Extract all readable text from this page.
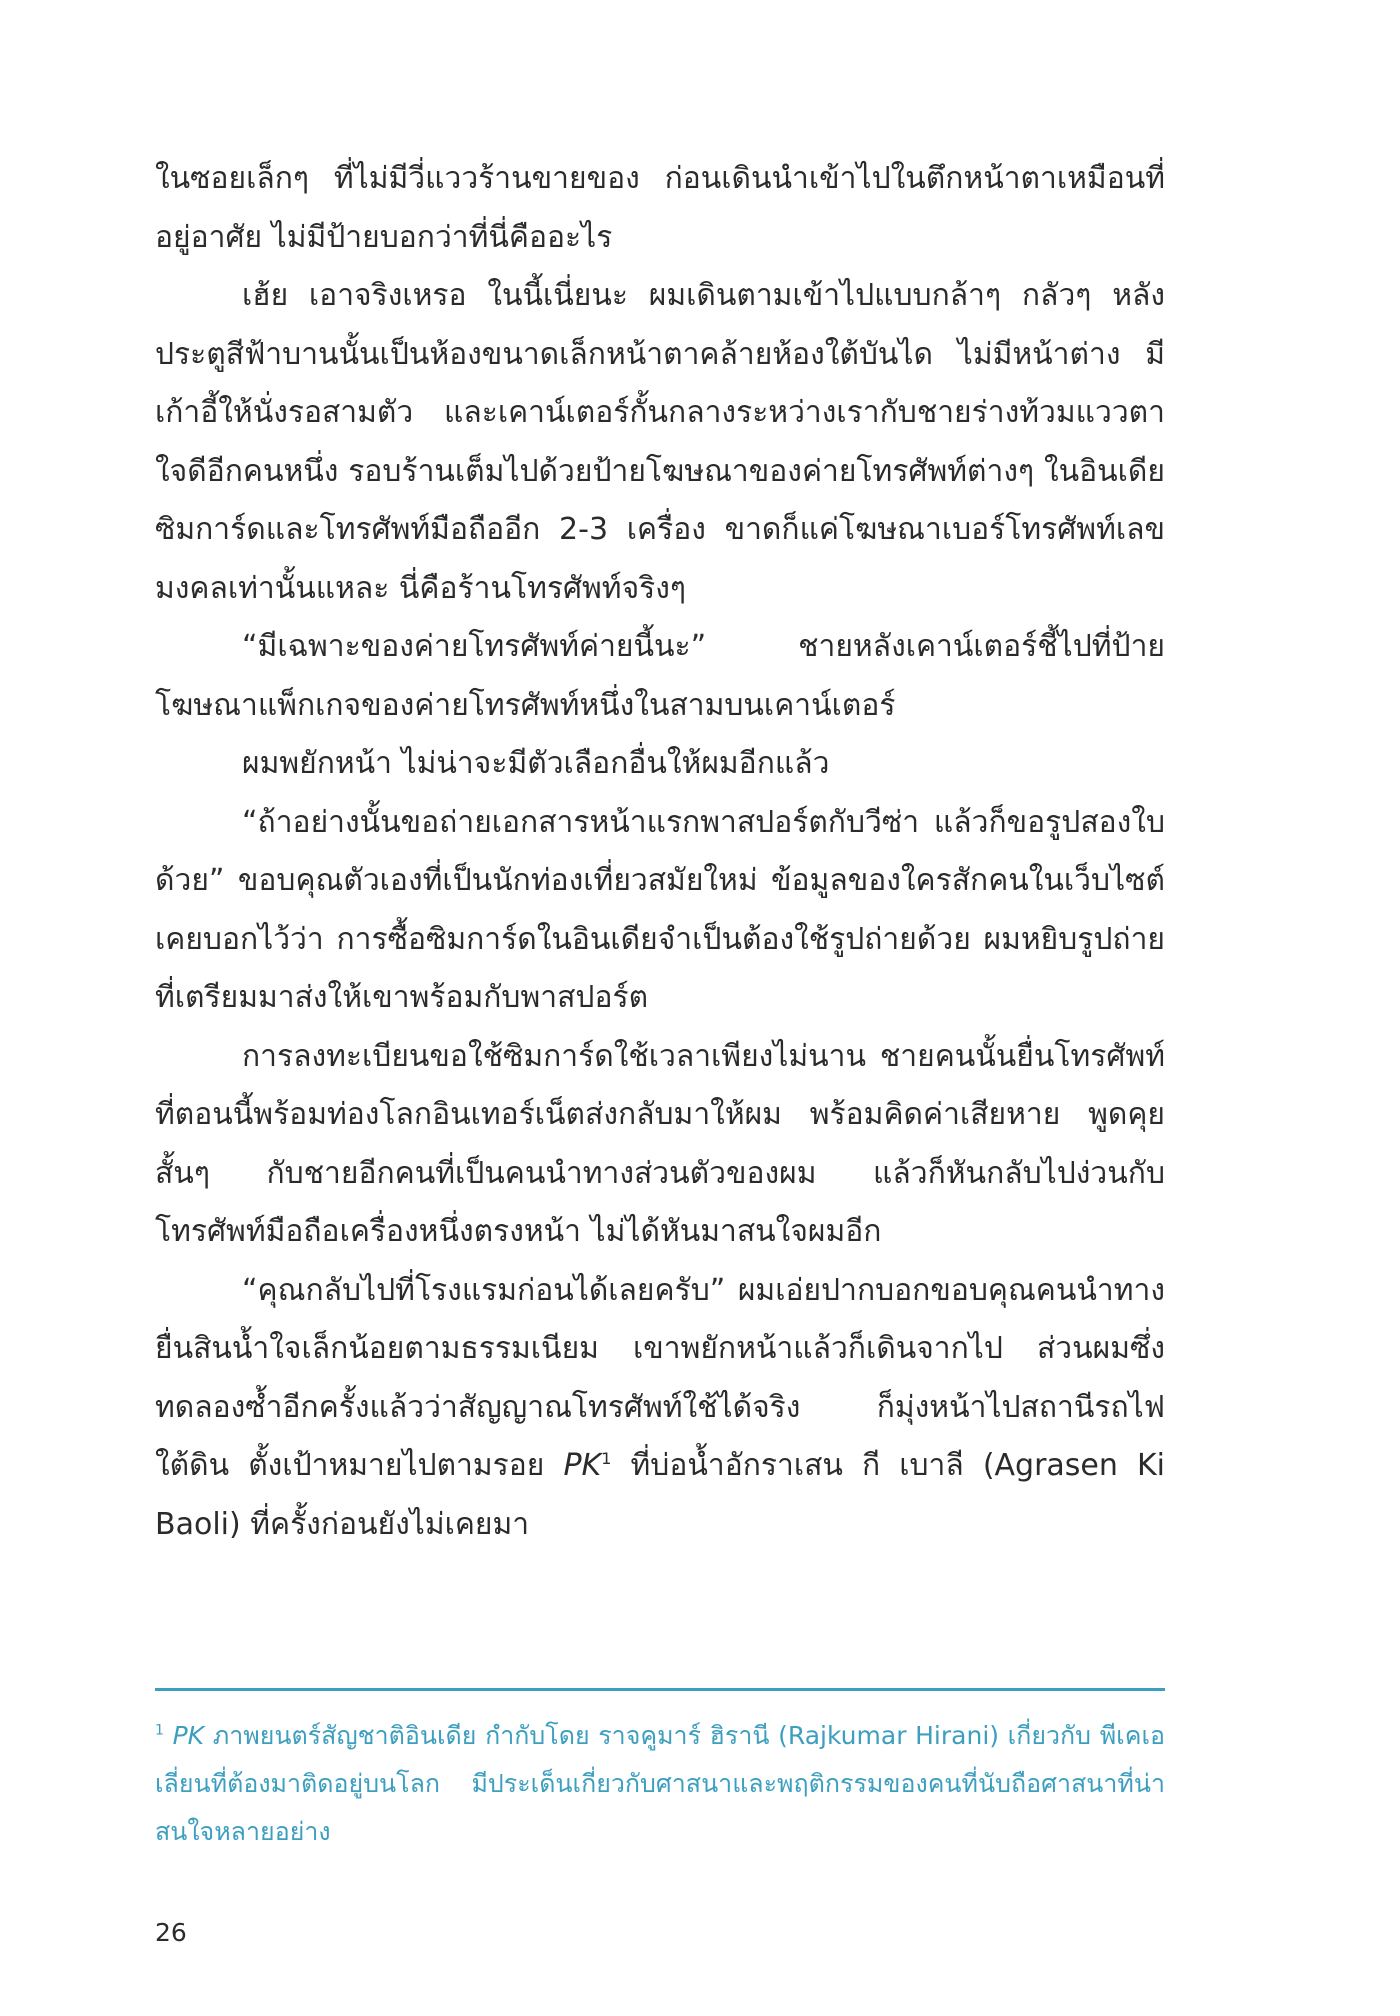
ในซอยเล็กๆ ที่ไม่มีวี่แววร้านขายของ ก่อนเดินนำเข้าไปในตึกหน้าตาเหมือนที่อยู่อาศัย ไม่มีป้ายบอกว่าที่นี่คืออะไร

เฮ้ย เอาจริงเหรอ ในนี้เนี่ยนะ ผมเดินตามเข้าไปแบบกล้าๆ กลัวๆ หลังประตูสีฟ้าบานนั้นเป็นห้องขนาดเล็กหน้าตาคล้ายห้องใต้บันได ไม่มีหน้าต่าง มีเก้าอี้ให้นั่งรอสามตัว และเคาน์เตอร์กั้นกลางระหว่างเรากับชายร่างท้วมแววตาใจดีอีกคนหนึ่ง รอบร้านเต็มไปด้วยป้ายโฆษณาของค่ายโทรศัพท์ต่างๆ ในอินเดีย ซิมการ์ดและโทรศัพท์มือถืออีก 2-3 เครื่อง ขาดก็แค่โฆษณาเบอร์โทรศัพท์เลขมงคลเท่านั้นแหละ นี่คือร้านโทรศัพท์จริงๆ

“มีเฉพาะของค่ายโทรศัพท์ค่ายนี้นะ” ชายหลังเคาน์เตอร์ชี้ไปที่ป้ายโฆษณาแพ็กเกจของค่ายโทรศัพท์หนึ่งในสามบนเคาน์เตอร์

ผมพยักหน้า ไม่น่าจะมีตัวเลือกอื่นให้ผมอีกแล้ว

“ถ้าอย่างนั้นขอถ่ายเอกสารหน้าแรกพาสปอร์ตกับวีซ่า แล้วก็ขอรูปสองใบด้วย” ขอบคุณตัวเองที่เป็นนักท่องเที่ยวสมัยใหม่ ข้อมูลของใครสักคนในเว็บไซต์เคยบอกไว้ว่า การซื้อซิมการ์ดในอินเดียจำเป็นต้องใช้รูปถ่ายด้วย ผมหยิบรูปถ่ายที่เตรียมมาส่งให้เขาพร้อมกับพาสปอร์ต

การลงทะเบียนขอใช้ซิมการ์ดใช้เวลาเพียงไม่นาน ชายคนนั้นยื่นโทรศัพท์ที่ตอนนี้พร้อมท่องโลกอินเทอร์เน็ตส่งกลับมาให้ผม พร้อมคิดค่าเสียหาย พูดคุยสั้นๆ กับชายอีกคนที่เป็นคนนำทางส่วนตัวของผม แล้วก็หันกลับไปง่วนกับโทรศัพท์มือถือเครื่องหนึ่งตรงหน้า ไม่ได้หันมาสนใจผมอีก

“คุณกลับไปที่โรงแรมก่อนได้เลยครับ” ผมเอ่ยปากบอกขอบคุณคนนำทาง ยื่นสินน้ำใจเล็กน้อยตามธรรมเนียม เขาพยักหน้าแล้วก็เดินจากไป ส่วนผมซึ่งทดลองซ้ำอีกครั้งแล้วว่าสัญญาณโทรศัพท์ใช้ได้จริง ก็มุ่งหน้าไปสถานีรถไฟใต้ดิน ตั้งเป้าหมายไปตามรอย $PK^1$ ที่บ่อน้ำอักราเสน กี เบาลี (Agrasen Ki Baoli) ที่ครั้งก่อนยังไม่เคยมา

$^1$ PK ภาพยนตร์สัญชาติอินเดีย กำกับโดย ราจคูมาร์ ฮิรานี (Rajkumar Hirani) เกี่ยวกับ พีเคเอเลี่ยนที่ต้องมาติดอยู่บนโลก มีประเด็นเกี่ยวกับศาสนาและพฤติกรรมของคนที่นับถือศาสนาที่น่าสนใจหลายอย่าง
26
